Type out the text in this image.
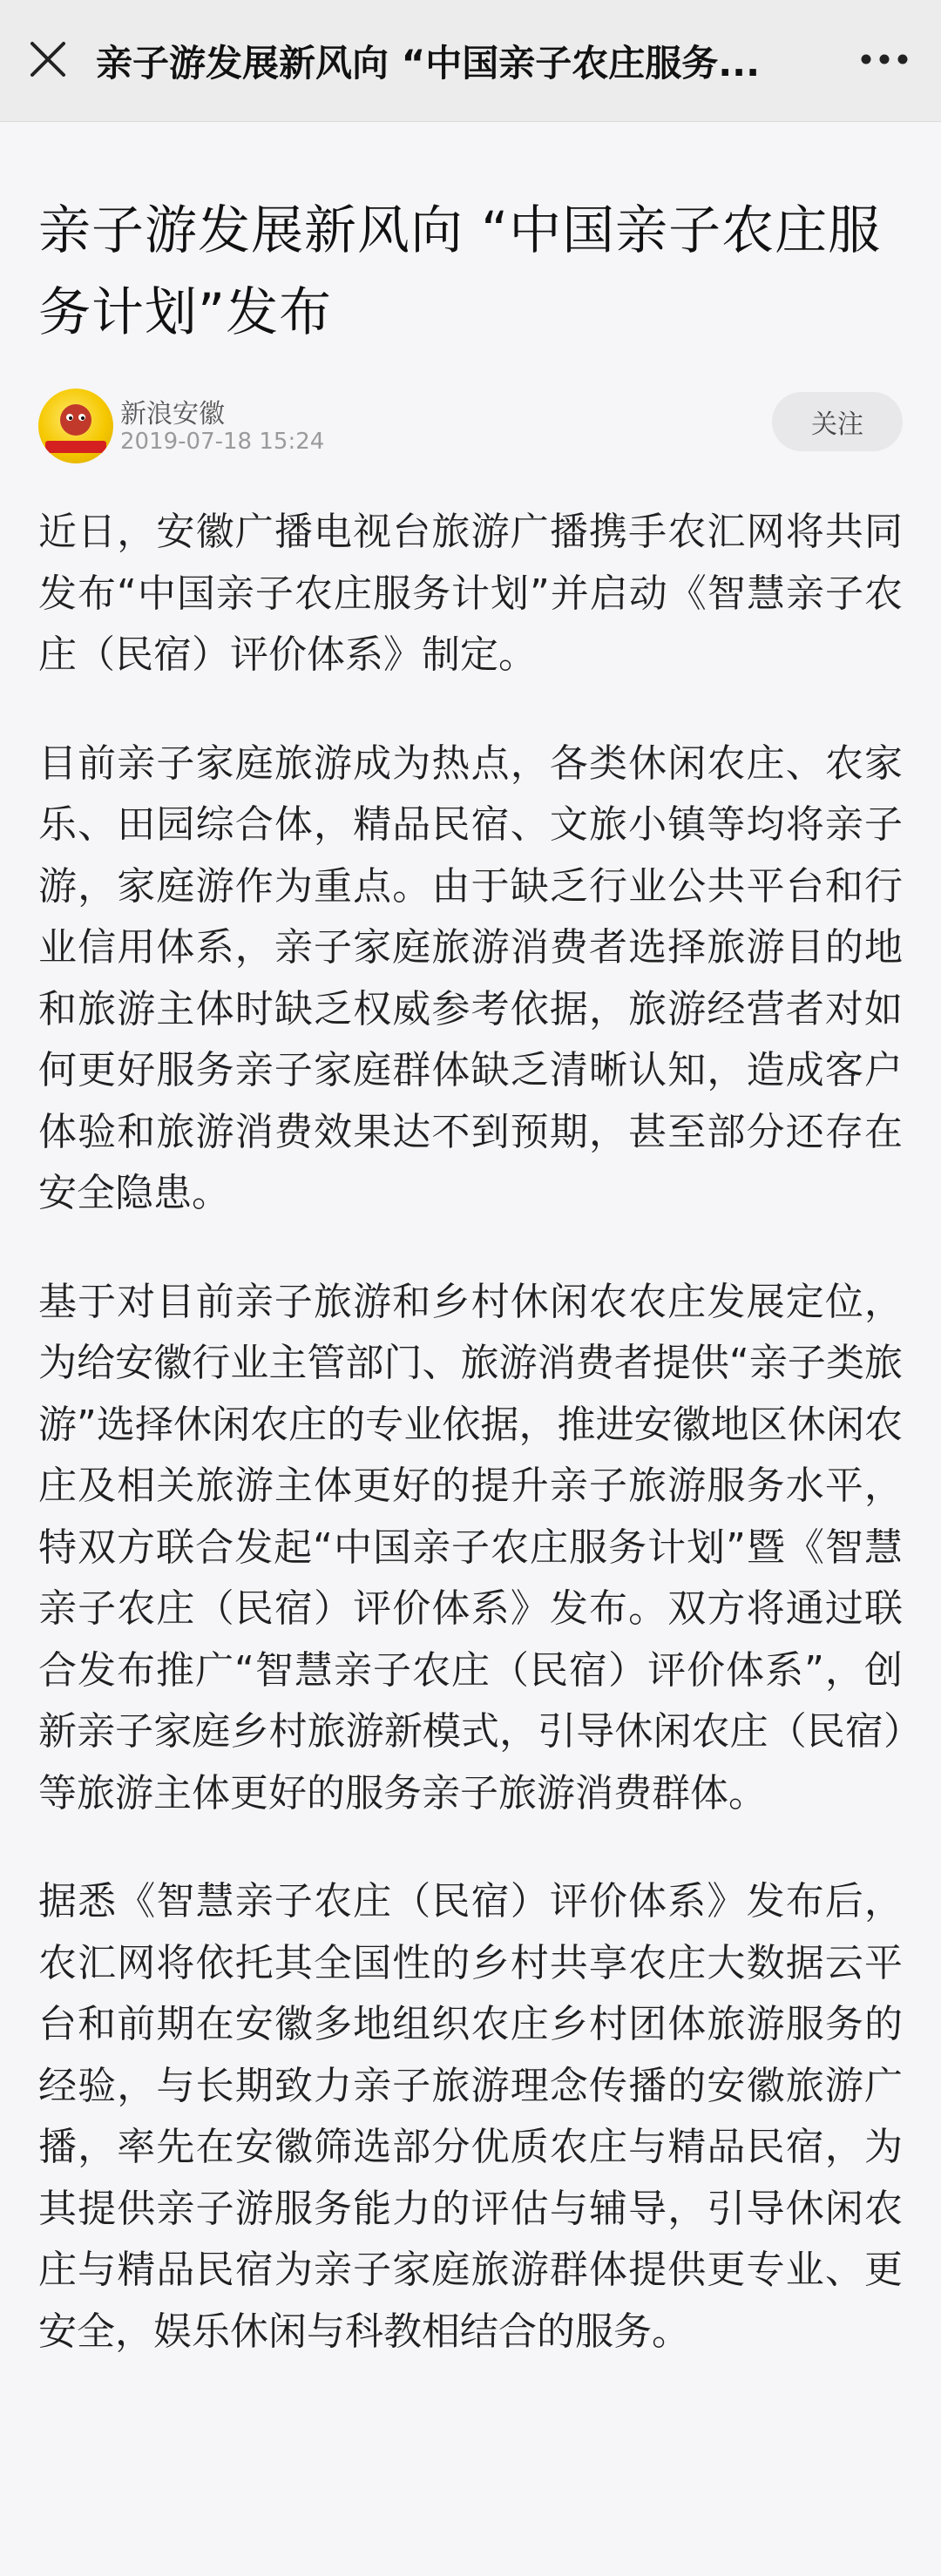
亲子游发展新风向 “中国亲子农庄服务...
亲子游发展新风向 “中国亲子农庄服务计划”发布
新浪安徽
2019-07-18 15:24
关注

近日，安徽广播电视台旅游广播携手农汇网将共同发布“中国亲子农庄服务计划”并启动《智慧亲子农庄（民宿）评价体系》制定。

目前亲子家庭旅游成为热点，各类休闲农庄、农家乐、田园综合体，精品民宿、文旅小镇等均将亲子游，家庭游作为重点。由于缺乏行业公共平台和行业信用体系，亲子家庭旅游消费者选择旅游目的地和旅游主体时缺乏权威参考依据，旅游经营者对如何更好服务亲子家庭群体缺乏清晰认知，造成客户体验和旅游消费效果达不到预期，甚至部分还存在安全隐患。

基于对目前亲子旅游和乡村休闲农农庄发展定位，为给安徽行业主管部门、旅游消费者提供“亲子类旅游”选择休闲农庄的专业依据，推进安徽地区休闲农庄及相关旅游主体更好的提升亲子旅游服务水平，特双方联合发起“中国亲子农庄服务计划”暨《智慧亲子农庄（民宿）评价体系》发布。双方将通过联合发布推广“智慧亲子农庄（民宿）评价体系”，创新亲子家庭乡村旅游新模式，引导休闲农庄（民宿）等旅游主体更好的服务亲子旅游消费群体。

据悉《智慧亲子农庄（民宿）评价体系》发布后，农汇网将依托其全国性的乡村共享农庄大数据云平台和前期在安徽多地组织农庄乡村团体旅游服务的经验，与长期致力亲子旅游理念传播的安徽旅游广播，率先在安徽筛选部分优质农庄与精品民宿，为其提供亲子游服务能力的评估与辅导，引导休闲农庄与精品民宿为亲子家庭旅游群体提供更专业、更安全，娱乐休闲与科教相结合的服务。
